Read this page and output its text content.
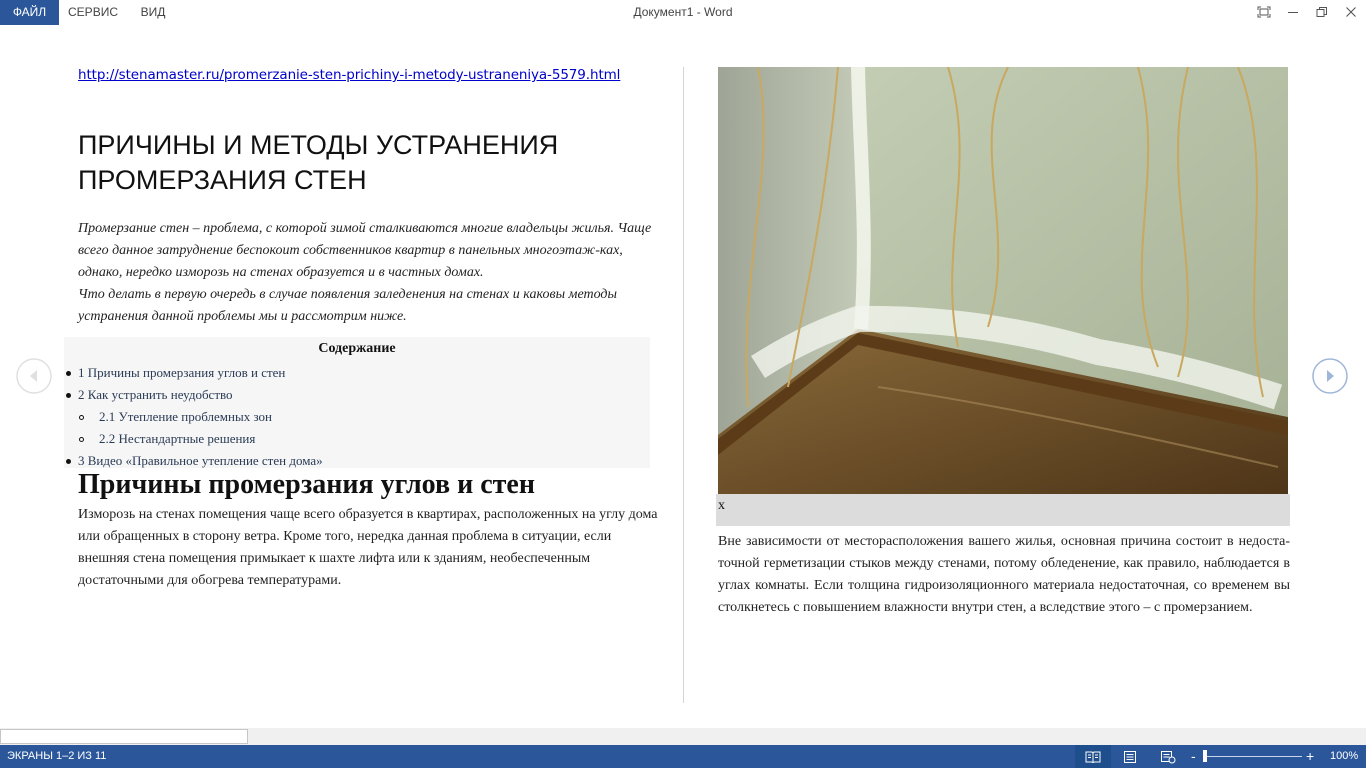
ФАЙЛ	СЕРВИС	ВИД	Документ1 - Word
http://stenamaster.ru/promerzanie-sten-prichiny-i-metody-ustraneniya-5579.html
ПРИЧИНЫ И МЕТОДЫ УСТРАНЕНИЯ ПРОМЕРЗАНИЯ СТЕН

Промерзание стен – проблема, с которой зимой сталкиваются многие владельцы жилья. Чаще всего данное затруднение беспокоит собственников квартир в панельных многоэтаж-ках, однако, нередко изморозь на стенах образуется и в частных домах.

Что делать в первую очередь в случае появления заледенения на стенах и каковы методы устранения данной проблемы мы и рассмотрим ниже.

Содержание
1 Причины промерзания углов и стен
2 Как устранить неудобство
2.1 Утепление проблемных зон
2.2 Нестандартные решения
3 Видео «Правильное утепление стен дома»
Причины промерзания углов и стен

Изморозь на стенах помещения чаще всего образуется в квартирах, расположенных на углу дома или обращенных в сторону ветра. Кроме того, нередка данная проблема в ситуации, если внешняя стена помещения примыкает к шахте лифта или к зданиям, необеспеченным достаточными для обогрева температурами.

x

Вне зависимости от месторасположения вашего жилья, основная причина состоит в недоста-точной герметизации стыков между стенами, потому обледенение, как правило, наблюдается в углах комнаты. Если толщина гидроизоляционного материала недостаточная, со временем вы столкнетесь с повышением влажности внутри стен, а вследствие этого – с промерзанием.

ЭКРАНЫ 1–2 ИЗ 11	-	+ 100%
